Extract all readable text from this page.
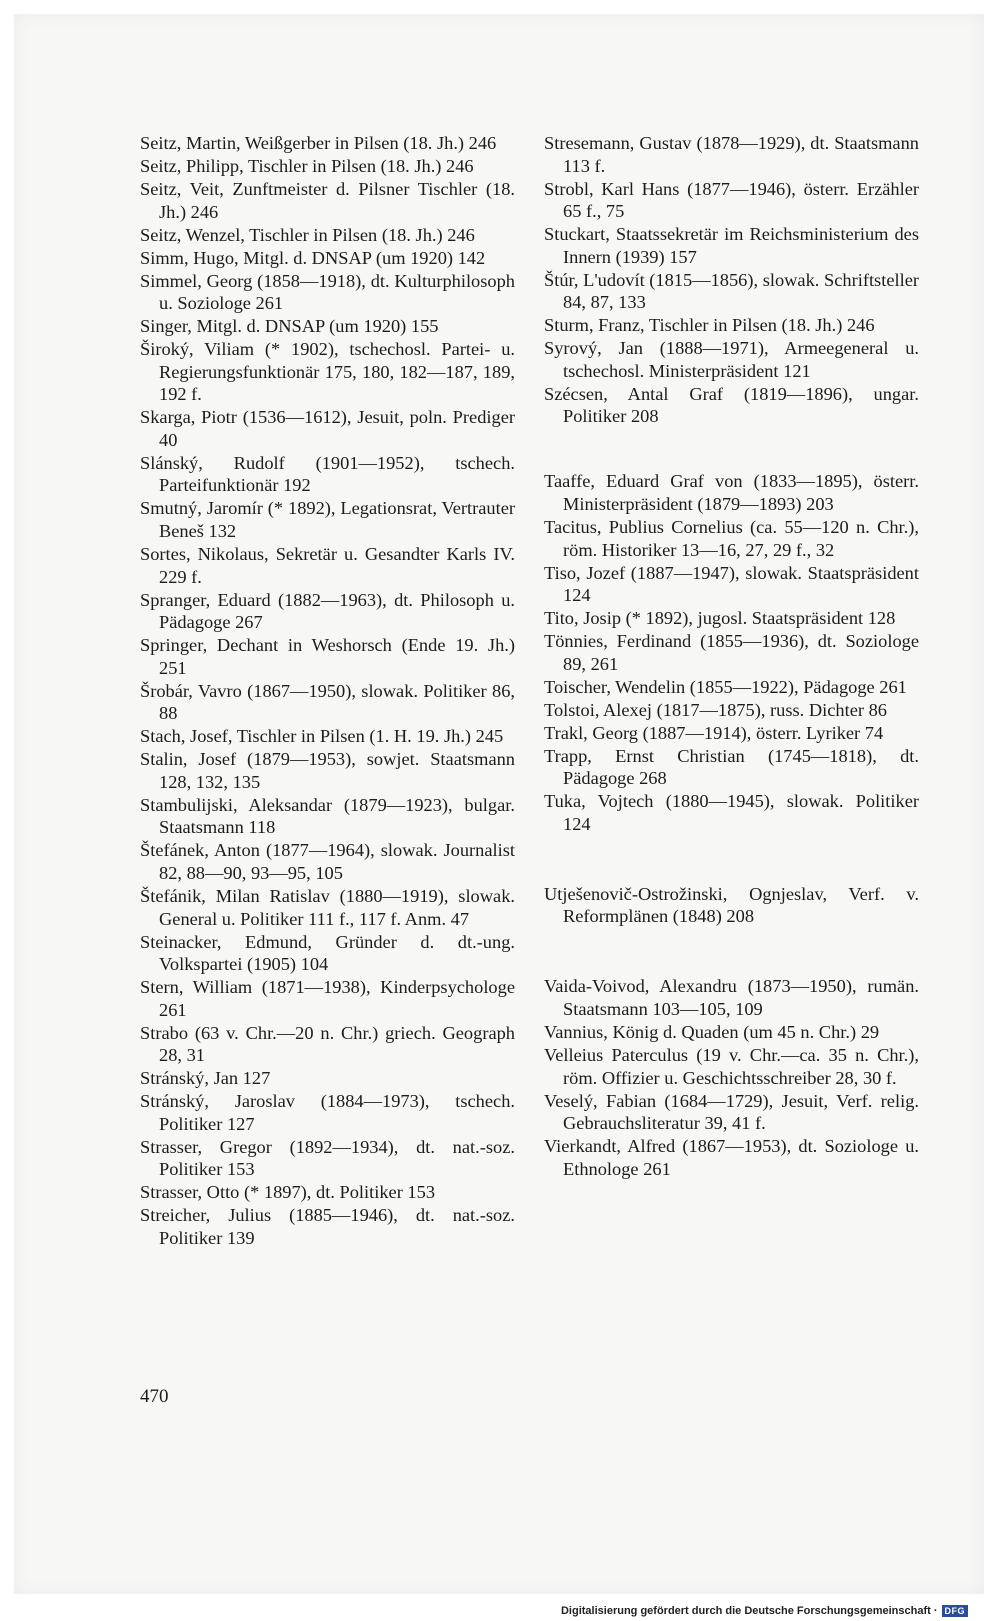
Seitz, Martin, Weißgerber in Pilsen (18. Jh.) 246
Seitz, Philipp, Tischler in Pilsen (18. Jh.) 246
Seitz, Veit, Zunftmeister d. Pilsner Tischler (18. Jh.) 246
Seitz, Wenzel, Tischler in Pilsen (18. Jh.) 246
Simm, Hugo, Mitgl. d. DNSAP (um 1920) 142
Simmel, Georg (1858—1918), dt. Kulturphilosoph u. Soziologe 261
Singer, Mitgl. d. DNSAP (um 1920) 155
Široký, Viliam (* 1902), tschechosl. Partei- u. Regierungsfunktionär 175, 180, 182—187, 189, 192 f.
Skarga, Piotr (1536—1612), Jesuit, poln. Prediger 40
Slánský, Rudolf (1901—1952), tschech. Parteifunktionär 192
Smutný, Jaromír (* 1892), Legationsrat, Vertrauter Beneš 132
Sortes, Nikolaus, Sekretär u. Gesandter Karls IV. 229 f.
Spranger, Eduard (1882—1963), dt. Philosoph u. Pädagoge 267
Springer, Dechant in Weshorsch (Ende 19. Jh.) 251
Šrobár, Vavro (1867—1950), slowak. Politiker 86, 88
Stach, Josef, Tischler in Pilsen (1. H. 19. Jh.) 245
Stalin, Josef (1879—1953), sowjet. Staatsmann 128, 132, 135
Stambulijski, Aleksandar (1879—1923), bulgar. Staatsmann 118
Štefánek, Anton (1877—1964), slowak. Journalist 82, 88—90, 93—95, 105
Štefánik, Milan Ratislav (1880—1919), slowak. General u. Politiker 111 f., 117 f. Anm. 47
Steinacker, Edmund, Gründer d. dt.-ung. Volkspartei (1905) 104
Stern, William (1871—1938), Kinderpsychologe 261
Strabo (63 v. Chr.—20 n. Chr.) griech. Geograph 28, 31
Stránský, Jan 127
Stránský, Jaroslav (1884—1973), tschech. Politiker 127
Strasser, Gregor (1892—1934), dt. nat.-soz. Politiker 153
Strasser, Otto (* 1897), dt. Politiker 153
Streicher, Julius (1885—1946), dt. nat.-soz. Politiker 139
Stresemann, Gustav (1878—1929), dt. Staatsmann 113 f.
Strobl, Karl Hans (1877—1946), österr. Erzähler 65 f., 75
Stuckart, Staatssekretär im Reichsministerium des Innern (1939) 157
Štúr, L'udovít (1815—1856), slowak. Schriftsteller 84, 87, 133
Sturm, Franz, Tischler in Pilsen (18. Jh.) 246
Syrový, Jan (1888—1971), Armeegeneral u. tschechosl. Ministerpräsident 121
Szécsen, Antal Graf (1819—1896), ungar. Politiker 208
Taaffe, Eduard Graf von (1833—1895), österr. Ministerpräsident (1879—1893) 203
Tacitus, Publius Cornelius (ca. 55—120 n. Chr.), röm. Historiker 13—16, 27, 29 f., 32
Tiso, Jozef (1887—1947), slowak. Staatspräsident 124
Tito, Josip (* 1892), jugosl. Staatspräsident 128
Tönnies, Ferdinand (1855—1936), dt. Soziologe 89, 261
Toischer, Wendelin (1855—1922), Pädagoge 261
Tolstoi, Alexej (1817—1875), russ. Dichter 86
Trakl, Georg (1887—1914), österr. Lyriker 74
Trapp, Ernst Christian (1745—1818), dt. Pädagoge 268
Tuka, Vojtech (1880—1945), slowak. Politiker 124
Utješenovič-Ostrožinski, Ognjeslav, Verf. v. Reformplänen (1848) 208
Vaida-Voivod, Alexandru (1873—1950), rumän. Staatsmann 103—105, 109
Vannius, König d. Quaden (um 45 n. Chr.) 29
Velleius Paterculus (19 v. Chr.—ca. 35 n. Chr.), röm. Offizier u. Geschichtsschreiber 28, 30 f.
Veselý, Fabian (1684—1729), Jesuit, Verf. relig. Gebrauchsliteratur 39, 41 f.
Vierkandt, Alfred (1867—1953), dt. Soziologe u. Ethnologe 261
470
Digitalisierung gefördert durch die Deutsche Forschungsgemeinschaft · DFG
